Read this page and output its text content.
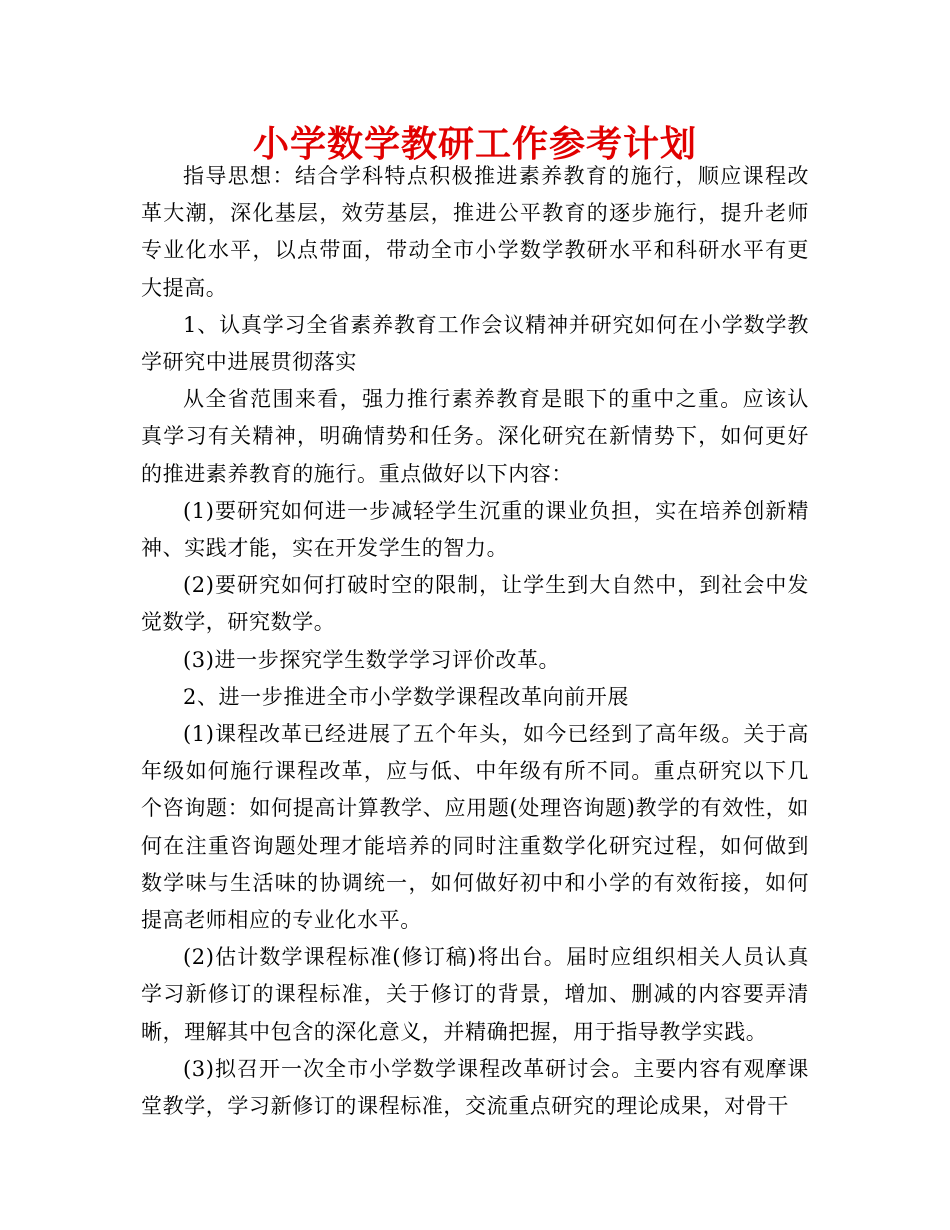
小学数学教研工作参考计划

指导思想：结合学科特点积极推进素养教育的施行，顺应课程改革大潮，深化基层，效劳基层，推进公平教育的逐步施行，提升老师专业化水平，以点带面，带动全市小学数学教研水平和科研水平有更大提高。

1、认真学习全省素养教育工作会议精神并研究如何在小学数学教学研究中进展贯彻落实

从全省范围来看，强力推行素养教育是眼下的重中之重。应该认真学习有关精神，明确情势和任务。深化研究在新情势下，如何更好的推进素养教育的施行。重点做好以下内容：

(1)要研究如何进一步减轻学生沉重的课业负担，实在培养创新精神、实践才能，实在开发学生的智力。

(2)要研究如何打破时空的限制，让学生到大自然中，到社会中发觉数学，研究数学。

(3)进一步探究学生数学学习评价改革。

2、进一步推进全市小学数学课程改革向前开展

(1)课程改革已经进展了五个年头，如今已经到了高年级。关于高年级如何施行课程改革，应与低、中年级有所不同。重点研究以下几个咨询题：如何提高计算教学、应用题(处理咨询题)教学的有效性，如何在注重咨询题处理才能培养的同时注重数学化研究过程，如何做到数学味与生活味的协调统一，如何做好初中和小学的有效衔接，如何提高老师相应的专业化水平。

(2)估计数学课程标准(修订稿)将出台。届时应组织相关人员认真学习新修订的课程标准，关于修订的背景，增加、删减的内容要弄清晰，理解其中包含的深化意义，并精确把握，用于指导教学实践。

(3)拟召开一次全市小学数学课程改革研讨会。主要内容有观摩课堂教学，学习新修订的课程标准，交流重点研究的理论成果，对骨干
